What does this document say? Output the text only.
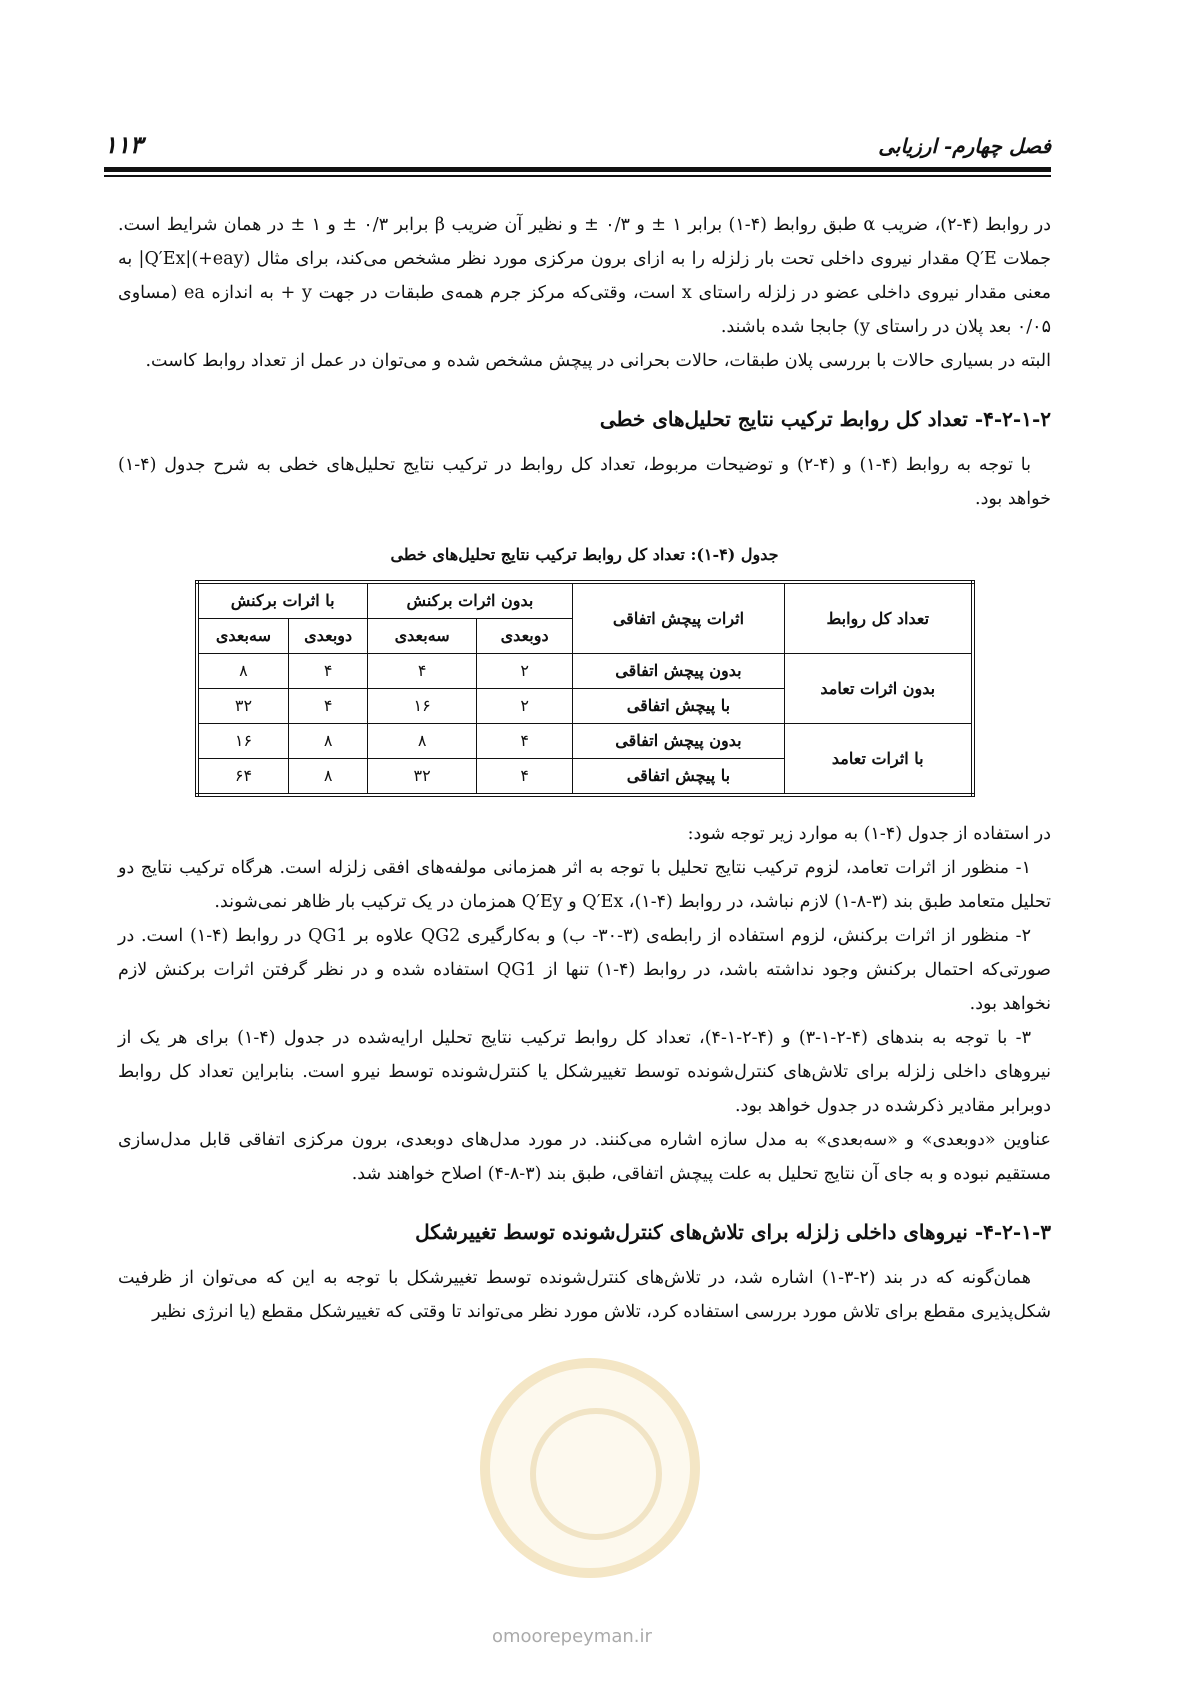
فصل چهارم- ارزیابی
۱۱۳

در روابط (۴-۲)، ضریب α طبق روابط (۴-۱) برابر ۱ ± و ۰/۳ ± و نظیر آن ضریب β برابر ۰/۳ ± و ۱ ± در همان شرایط است. جملات Q′E مقدار نیروی داخلی تحت بار زلزله را به ازای برون مرکزی مورد نظر مشخص می‌کند، برای مثال Q′Ex|(+eay)| به معنی مقدار نیروی داخلی عضو در زلزله راستای x است، وقتی‌که مرکز جرم همه‌ی طبقات در جهت y + به اندازه ea (مساوی ۰/۰۵ بعد پلان در راستای y) جابجا شده باشند.

البته در بسیاری حالات با بررسی پلان طبقات، حالات بحرانی در پیچش مشخص شده و می‌توان در عمل از تعداد روابط کاست.

۴-۲-۱-۲- تعداد کل روابط ترکیب نتایج تحلیل‌های خطی

با توجه به روابط (۴-۱) و (۴-۲) و توضیحات مربوط، تعداد کل روابط در ترکیب نتایج تحلیل‌های خطی به شرح جدول (۴-۱) خواهد بود.

جدول (۴-۱): تعداد کل روابط ترکیب نتایج تحلیل‌های خطی
تعداد کل روابط	اثرات پیچش اتفاقی	بدون اثرات برکنش		با اثرات برکنش	
		دوبعدی	سه‌بعدی	دوبعدی	سه‌بعدی
بدون اثرات تعامد	بدون پیچش اتفاقی	۲	۴	۴	۸
	با پیچش اتفاقی	۲	۱۶	۴	۳۲
با اثرات تعامد	بدون پیچش اتفاقی	۴	۸	۸	۱۶
	با پیچش اتفاقی	۴	۳۲	۸	۶۴

در استفاده از جدول (۴-۱) به موارد زیر توجه شود:

۱- منظور از اثرات تعامد، لزوم ترکیب نتایج تحلیل با توجه به اثر همزمانی مولفه‌های افقی زلزله است. هرگاه ترکیب نتایج دو تحلیل متعامد طبق بند (۳-۸-۱) لازم نباشد، در روابط (۴-۱)، Q′Ex و Q′Ey همزمان در یک ترکیب بار ظاهر نمی‌شوند.

۲- منظور از اثرات برکنش، لزوم استفاده از رابطه‌ی (۳-۳۰- ب) و به‌کارگیری QG2 علاوه بر QG1 در روابط (۴-۱) است. در صورتی‌که احتمال برکنش وجود نداشته باشد، در روابط (۴-۱) تنها از QG1 استفاده شده و در نظر گرفتن اثرات برکنش لازم نخواهد بود.

۳- با توجه به بندهای (۴-۲-۱-۳) و (۴-۲-۱-۴)، تعداد کل روابط ترکیب نتایج تحلیل ارایه‌شده در جدول (۴-۱) برای هر یک از نیروهای داخلی زلزله برای تلاش‌های کنترل‌شونده توسط تغییرشکل یا کنترل‌شونده توسط نیرو است. بنابراین تعداد کل روابط دوبرابر مقادیر ذکرشده در جدول خواهد بود.

عناوین «دوبعدی» و «سه‌بعدی» به مدل سازه اشاره می‌کنند. در مورد مدل‌های دوبعدی، برون مرکزی اتفاقی قابل مدل‌سازی مستقیم نبوده و به جای آن نتایج تحلیل به علت پیچش اتفاقی، طبق بند (۳-۸-۴) اصلاح خواهند شد.

۴-۲-۱-۳- نیروهای داخلی زلزله برای تلاش‌های کنترل‌شونده توسط تغییرشکل

همان‌گونه که در بند (۲-۳-۱) اشاره شد، در تلاش‌های کنترل‌شونده توسط تغییرشکل با توجه به این که می‌توان از ظرفیت شکل‌پذیری مقطع برای تلاش مورد بررسی استفاده کرد، تلاش مورد نظر می‌تواند تا وقتی که تغییرشکل مقطع (یا انرژی نظیر

omoorepeyman.ir
